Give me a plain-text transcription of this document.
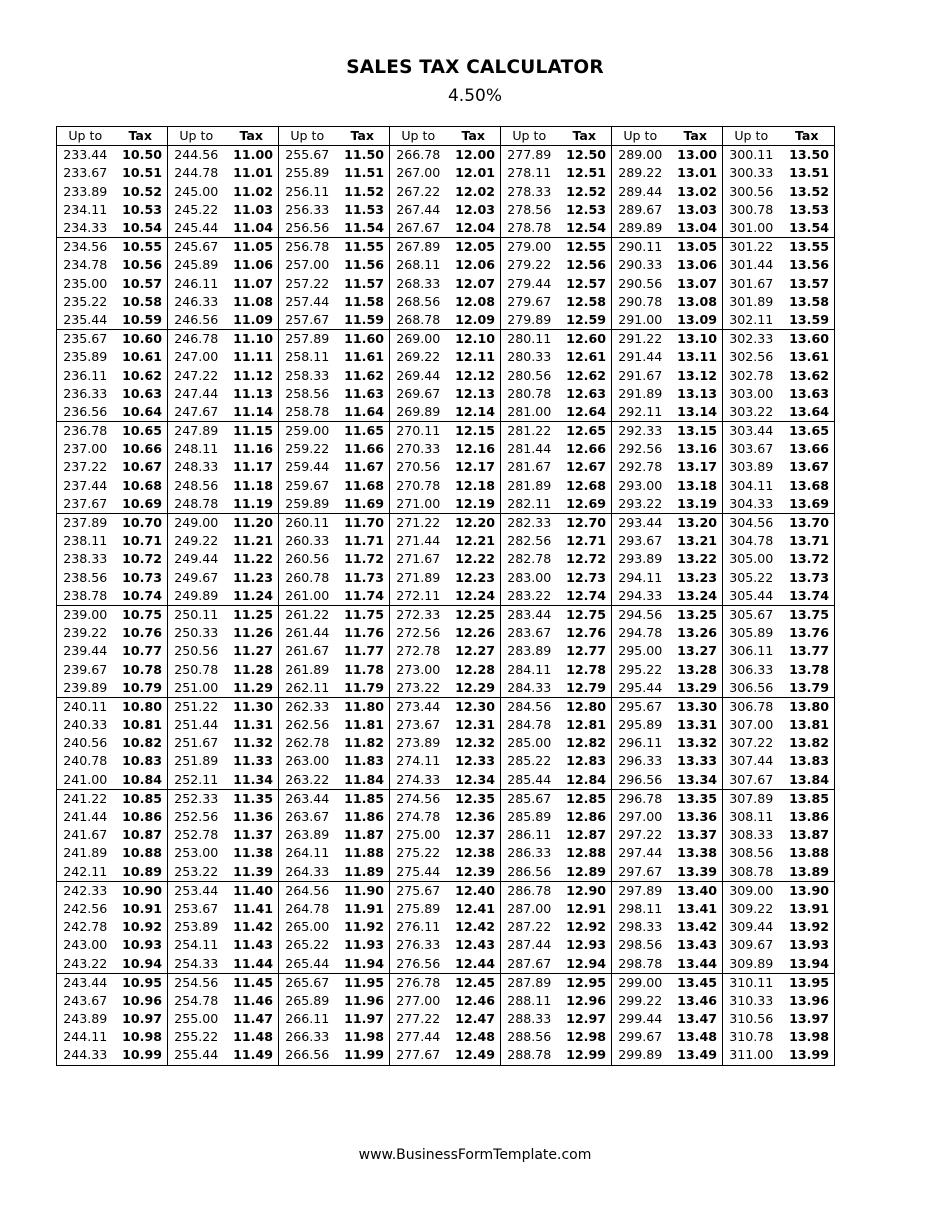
SALES TAX CALCULATOR
4.50%
Up to	Tax	Up to	Tax	Up to	Tax	Up to	Tax	Up to	Tax	Up to	Tax	Up to	Tax
233.44	10.50	244.56	11.00	255.67	11.50	266.78	12.00	277.89	12.50	289.00	13.00	300.11	13.50
233.67	10.51	244.78	11.01	255.89	11.51	267.00	12.01	278.11	12.51	289.22	13.01	300.33	13.51
233.89	10.52	245.00	11.02	256.11	11.52	267.22	12.02	278.33	12.52	289.44	13.02	300.56	13.52
234.11	10.53	245.22	11.03	256.33	11.53	267.44	12.03	278.56	12.53	289.67	13.03	300.78	13.53
234.33	10.54	245.44	11.04	256.56	11.54	267.67	12.04	278.78	12.54	289.89	13.04	301.00	13.54
234.56	10.55	245.67	11.05	256.78	11.55	267.89	12.05	279.00	12.55	290.11	13.05	301.22	13.55
234.78	10.56	245.89	11.06	257.00	11.56	268.11	12.06	279.22	12.56	290.33	13.06	301.44	13.56
235.00	10.57	246.11	11.07	257.22	11.57	268.33	12.07	279.44	12.57	290.56	13.07	301.67	13.57
235.22	10.58	246.33	11.08	257.44	11.58	268.56	12.08	279.67	12.58	290.78	13.08	301.89	13.58
235.44	10.59	246.56	11.09	257.67	11.59	268.78	12.09	279.89	12.59	291.00	13.09	302.11	13.59
235.67	10.60	246.78	11.10	257.89	11.60	269.00	12.10	280.11	12.60	291.22	13.10	302.33	13.60
235.89	10.61	247.00	11.11	258.11	11.61	269.22	12.11	280.33	12.61	291.44	13.11	302.56	13.61
236.11	10.62	247.22	11.12	258.33	11.62	269.44	12.12	280.56	12.62	291.67	13.12	302.78	13.62
236.33	10.63	247.44	11.13	258.56	11.63	269.67	12.13	280.78	12.63	291.89	13.13	303.00	13.63
236.56	10.64	247.67	11.14	258.78	11.64	269.89	12.14	281.00	12.64	292.11	13.14	303.22	13.64
236.78	10.65	247.89	11.15	259.00	11.65	270.11	12.15	281.22	12.65	292.33	13.15	303.44	13.65
237.00	10.66	248.11	11.16	259.22	11.66	270.33	12.16	281.44	12.66	292.56	13.16	303.67	13.66
237.22	10.67	248.33	11.17	259.44	11.67	270.56	12.17	281.67	12.67	292.78	13.17	303.89	13.67
237.44	10.68	248.56	11.18	259.67	11.68	270.78	12.18	281.89	12.68	293.00	13.18	304.11	13.68
237.67	10.69	248.78	11.19	259.89	11.69	271.00	12.19	282.11	12.69	293.22	13.19	304.33	13.69
237.89	10.70	249.00	11.20	260.11	11.70	271.22	12.20	282.33	12.70	293.44	13.20	304.56	13.70
238.11	10.71	249.22	11.21	260.33	11.71	271.44	12.21	282.56	12.71	293.67	13.21	304.78	13.71
238.33	10.72	249.44	11.22	260.56	11.72	271.67	12.22	282.78	12.72	293.89	13.22	305.00	13.72
238.56	10.73	249.67	11.23	260.78	11.73	271.89	12.23	283.00	12.73	294.11	13.23	305.22	13.73
238.78	10.74	249.89	11.24	261.00	11.74	272.11	12.24	283.22	12.74	294.33	13.24	305.44	13.74
239.00	10.75	250.11	11.25	261.22	11.75	272.33	12.25	283.44	12.75	294.56	13.25	305.67	13.75
239.22	10.76	250.33	11.26	261.44	11.76	272.56	12.26	283.67	12.76	294.78	13.26	305.89	13.76
239.44	10.77	250.56	11.27	261.67	11.77	272.78	12.27	283.89	12.77	295.00	13.27	306.11	13.77
239.67	10.78	250.78	11.28	261.89	11.78	273.00	12.28	284.11	12.78	295.22	13.28	306.33	13.78
239.89	10.79	251.00	11.29	262.11	11.79	273.22	12.29	284.33	12.79	295.44	13.29	306.56	13.79
240.11	10.80	251.22	11.30	262.33	11.80	273.44	12.30	284.56	12.80	295.67	13.30	306.78	13.80
240.33	10.81	251.44	11.31	262.56	11.81	273.67	12.31	284.78	12.81	295.89	13.31	307.00	13.81
240.56	10.82	251.67	11.32	262.78	11.82	273.89	12.32	285.00	12.82	296.11	13.32	307.22	13.82
240.78	10.83	251.89	11.33	263.00	11.83	274.11	12.33	285.22	12.83	296.33	13.33	307.44	13.83
241.00	10.84	252.11	11.34	263.22	11.84	274.33	12.34	285.44	12.84	296.56	13.34	307.67	13.84
241.22	10.85	252.33	11.35	263.44	11.85	274.56	12.35	285.67	12.85	296.78	13.35	307.89	13.85
241.44	10.86	252.56	11.36	263.67	11.86	274.78	12.36	285.89	12.86	297.00	13.36	308.11	13.86
241.67	10.87	252.78	11.37	263.89	11.87	275.00	12.37	286.11	12.87	297.22	13.37	308.33	13.87
241.89	10.88	253.00	11.38	264.11	11.88	275.22	12.38	286.33	12.88	297.44	13.38	308.56	13.88
242.11	10.89	253.22	11.39	264.33	11.89	275.44	12.39	286.56	12.89	297.67	13.39	308.78	13.89
242.33	10.90	253.44	11.40	264.56	11.90	275.67	12.40	286.78	12.90	297.89	13.40	309.00	13.90
242.56	10.91	253.67	11.41	264.78	11.91	275.89	12.41	287.00	12.91	298.11	13.41	309.22	13.91
242.78	10.92	253.89	11.42	265.00	11.92	276.11	12.42	287.22	12.92	298.33	13.42	309.44	13.92
243.00	10.93	254.11	11.43	265.22	11.93	276.33	12.43	287.44	12.93	298.56	13.43	309.67	13.93
243.22	10.94	254.33	11.44	265.44	11.94	276.56	12.44	287.67	12.94	298.78	13.44	309.89	13.94
243.44	10.95	254.56	11.45	265.67	11.95	276.78	12.45	287.89	12.95	299.00	13.45	310.11	13.95
243.67	10.96	254.78	11.46	265.89	11.96	277.00	12.46	288.11	12.96	299.22	13.46	310.33	13.96
243.89	10.97	255.00	11.47	266.11	11.97	277.22	12.47	288.33	12.97	299.44	13.47	310.56	13.97
244.11	10.98	255.22	11.48	266.33	11.98	277.44	12.48	288.56	12.98	299.67	13.48	310.78	13.98
244.33	10.99	255.44	11.49	266.56	11.99	277.67	12.49	288.78	12.99	299.89	13.49	311.00	13.99
www.BusinessFormTemplate.com
